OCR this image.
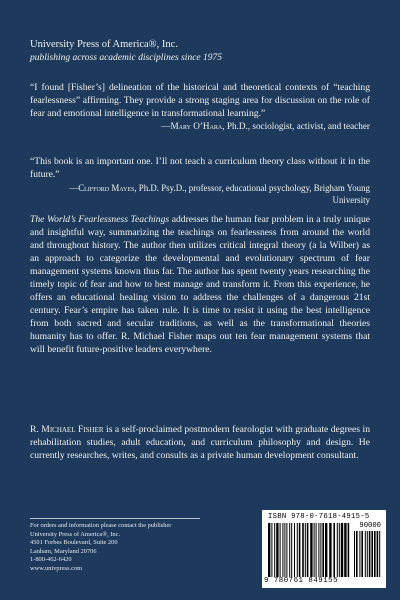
University Press of America®, Inc.
publishing across academic disciplines since 1975

“I found [Fisher’s] delineation of the historical and theoretical contexts of “teaching fearlessness” affirming. They provide a strong staging area for discussion on the role of fear and emotional intelligence in transformational learning.”
—Mary O’Hara, Ph.D., sociologist, activist, and teacher

“This book is an important one. I’ll not teach a curriculum theory class without it in the future.”
—Clifford Mayes, Ph.D. Psy.D., professor, educational psychology, Brigham Young University

The World’s Fearlessness Teachings addresses the human fear problem in a truly unique and insightful way, summarizing the teachings on fearlessness from around the world and throughout history. The author then utilizes critical integral theory (a la Wilber) as an approach to categorize the developmental and evolutionary spectrum of fear management systems known thus far. The author has spent twenty years researching the timely topic of fear and how to best manage and transform it. From this experience, he offers an educational healing vision to address the challenges of a dangerous 21st century. Fear’s empire has taken rule. It is time to resist it using the best intelligence from both sacred and secular traditions, as well as the transformational theories humanity has to offer. R. Michael Fisher maps out ten fear management systems that will benefit future-positive leaders everywhere.

R. Michael Fisher is a self-proclaimed postmodern fearologist with graduate degrees in rehabilitation studies, adult education, and curriculum philosophy and design. He currently researches, writes, and consults as a private human development consultant.

For orders and information please contact the publisher
University Press of America®, Inc.
4501 Forbes Boulevard, Suite 200
Lanham, Maryland 20706
1-800-462-6420
www.univpress.com
ISBN 978-0-7618-4915-5
90000
9 780761 849155
